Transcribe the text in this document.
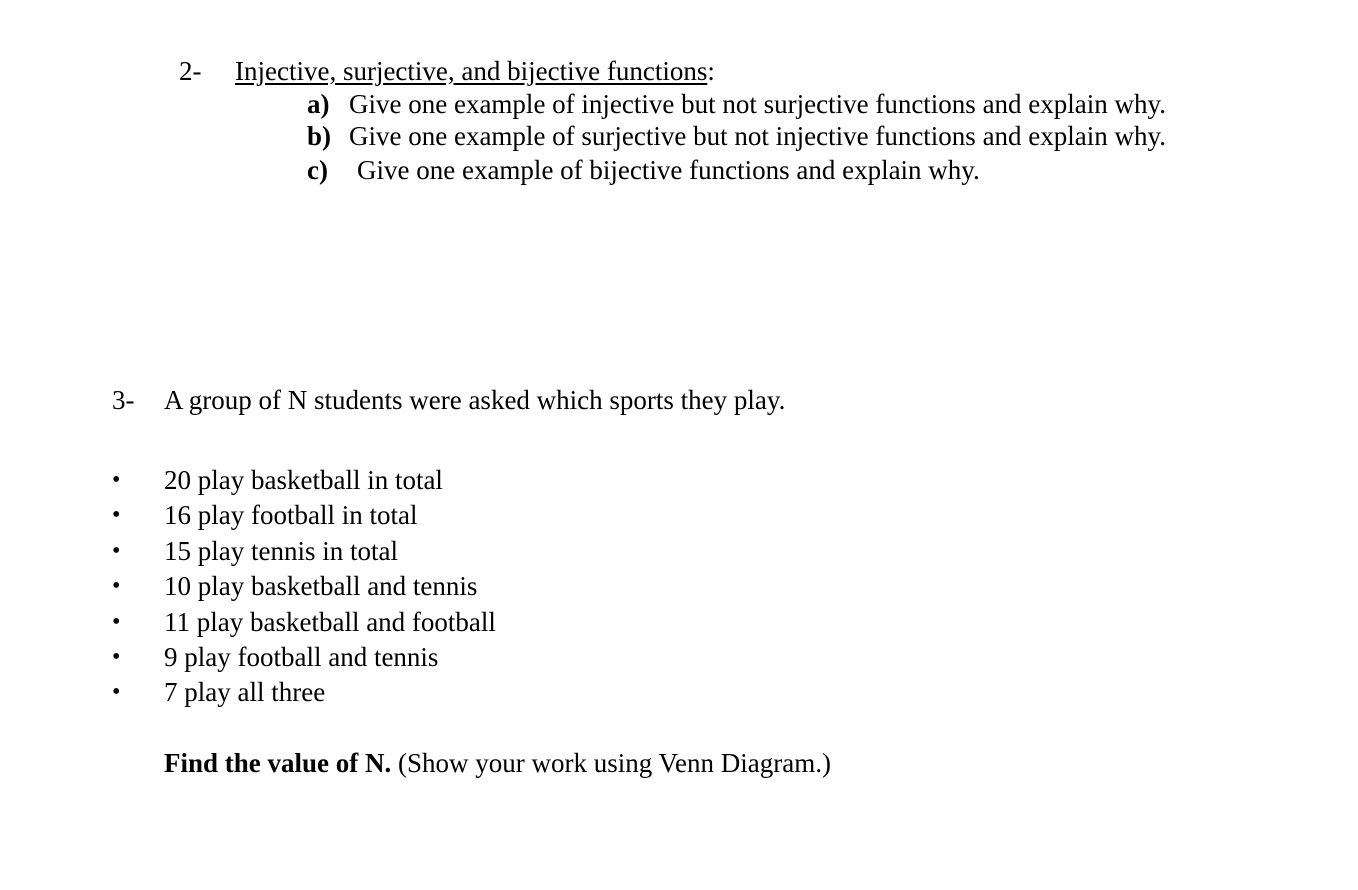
2- Injective, surjective, and bijective functions:
a) Give one example of injective but not surjective functions and explain why.
b) Give one example of surjective but not injective functions and explain why.
c) Give one example of bijective functions and explain why.
3- A group of N students were asked which sports they play.
• 20 play basketball in total
• 16 play football in total
• 15 play tennis in total
• 10 play basketball and tennis
• 11 play basketball and football
• 9 play football and tennis
• 7 play all three
Find the value of N. (Show your work using Venn Diagram.)
